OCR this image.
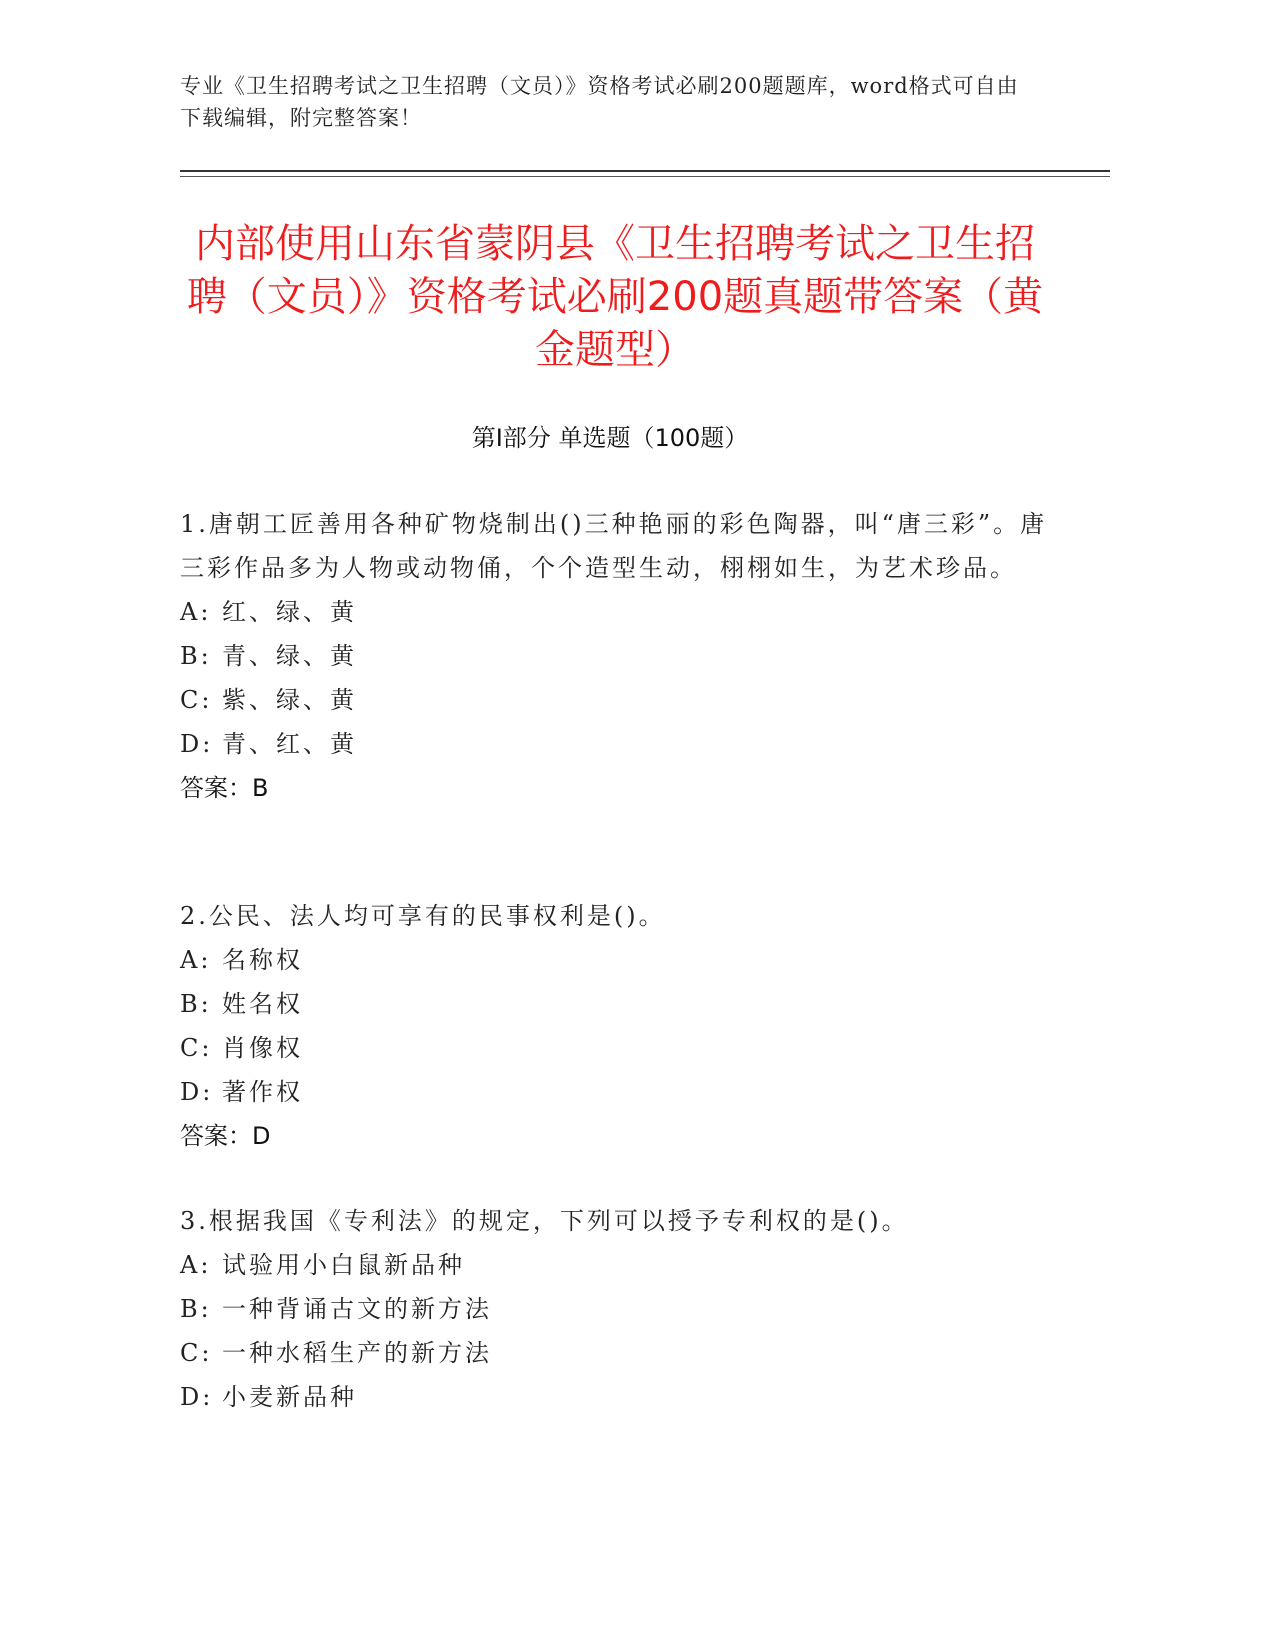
专业《卫生招聘考试之卫生招聘（文员）》资格考试必刷200题题库，word格式可自由下载编辑，附完整答案！
内部使用山东省蒙阴县《卫生招聘考试之卫生招聘（文员）》资格考试必刷200题真题带答案（黄金题型）
第Ⅰ部分 单选题（100题）

1.唐朝工匠善用各种矿物烧制出()三种艳丽的彩色陶器，叫“唐三彩”。唐三彩作品多为人物或动物俑，个个造型生动，栩栩如生，为艺术珍品。

A: 红、绿、黄

B: 青、绿、黄

C: 紫、绿、黄

D: 青、红、黄

答案：B

2.公民、法人均可享有的民事权利是()。

A: 名称权

B: 姓名权

C: 肖像权

D: 著作权

答案：D

3.根据我国《专利法》的规定，下列可以授予专利权的是()。

A: 试验用小白鼠新品种

B: 一种背诵古文的新方法

C: 一种水稻生产的新方法

D: 小麦新品种
